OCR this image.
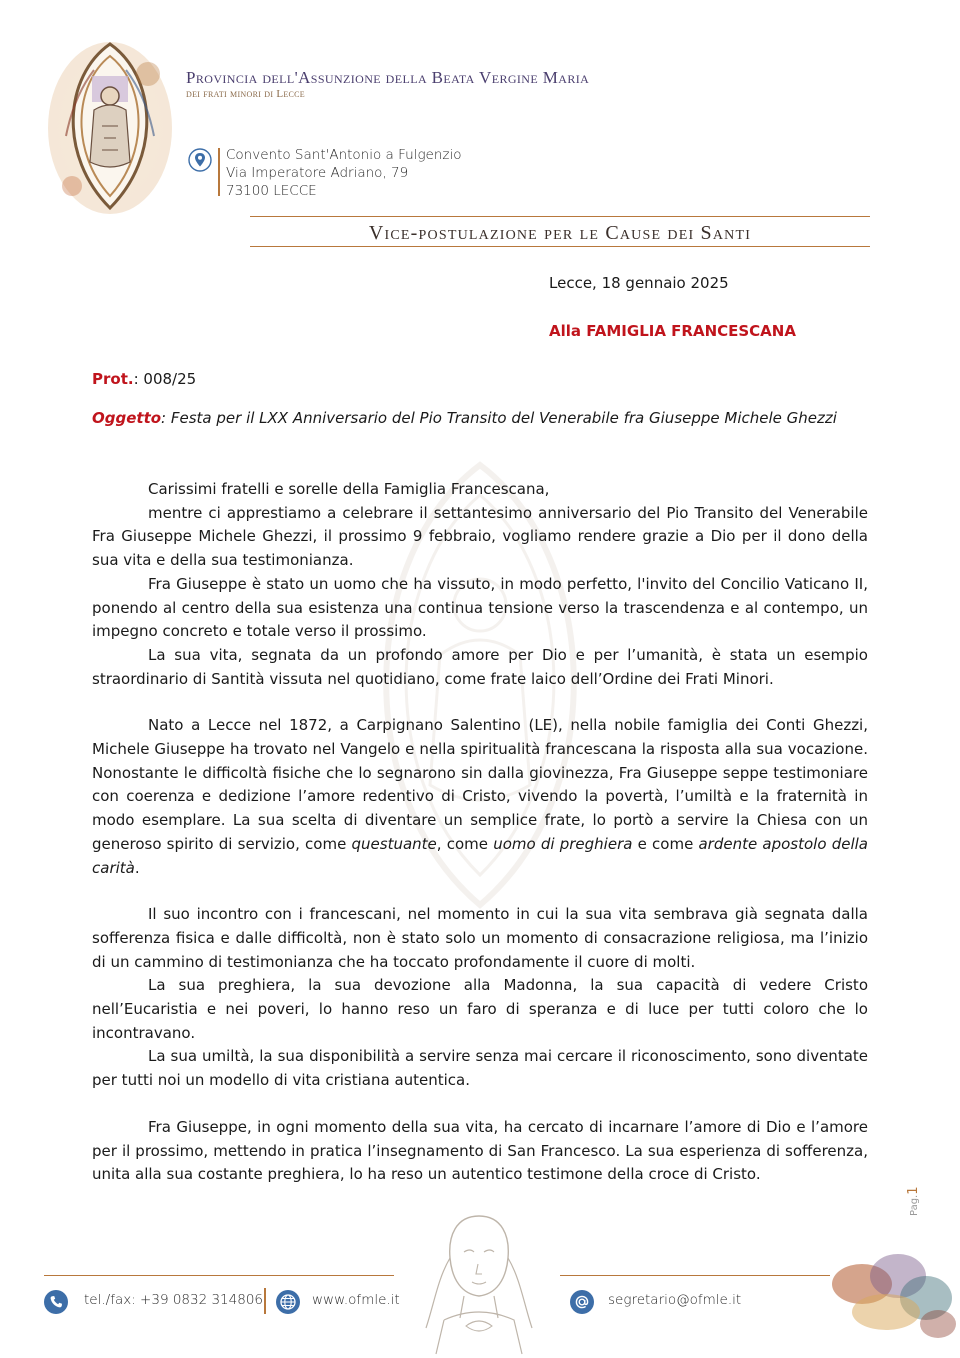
Provincia dell'Assunzione della Beata Vergine Maria
dei frati minori di Lecce
Convento Sant'Antonio a Fulgenzio
Via Imperatore Adriano, 79
73100 LECCE
Vice-postulazione per le Cause dei Santi
Lecce, 18 gennaio 2025
Alla FAMIGLIA FRANCESCANA
Prot.: 008/25
Oggetto: Festa per il LXX Anniversario del Pio Transito del Venerabile fra Giuseppe Michele Ghezzi

Carissimi fratelli e sorelle della Famiglia Francescana,

mentre ci apprestiamo a celebrare il settantesimo anniversario del Pio Transito del Venerabile Fra Giuseppe Michele Ghezzi, il prossimo 9 febbraio, vogliamo rendere grazie a Dio per il dono della sua vita e della sua testimonianza.

Fra Giuseppe è stato un uomo che ha vissuto, in modo perfetto, l'invito del Concilio Vaticano II, ponendo al centro della sua esistenza una continua tensione verso la trascendenza e al contempo, un impegno concreto e totale verso il prossimo.

La sua vita, segnata da un profondo amore per Dio e per l’umanità, è stata un esempio straordinario di Santità vissuta nel quotidiano, come frate laico dell’Ordine dei Frati Minori.

Nato a Lecce nel 1872, a Carpignano Salentino (LE), nella nobile famiglia dei Conti Ghezzi, Michele Giuseppe ha trovato nel Vangelo e nella spiritualità francescana la risposta alla sua vocazione. Nonostante le difficoltà fisiche che lo segnarono sin dalla giovinezza, Fra Giuseppe seppe testimoniare con coerenza e dedizione l’amore redentivo di Cristo, vivendo la povertà, l’umiltà e la fraternità in modo esemplare. La sua scelta di diventare un semplice frate, lo portò a servire la Chiesa con un generoso spirito di servizio, come questuante, come uomo di preghiera e come ardente apostolo della carità.

Il suo incontro con i francescani, nel momento in cui la sua vita sembrava già segnata dalla sofferenza fisica e dalle difficoltà, non è stato solo un momento di consacrazione religiosa, ma l’inizio di un cammino di testimonianza che ha toccato profondamente il cuore di molti.

La sua preghiera, la sua devozione alla Madonna, la sua capacità di vedere Cristo nell’Eucaristia e nei poveri, lo hanno reso un faro di speranza e di luce per tutti coloro che lo incontravano.

La sua umiltà, la sua disponibilità a servire senza mai cercare il riconoscimento, sono diventate per tutti noi un modello di vita cristiana autentica.

Fra Giuseppe, in ogni momento della sua vita, ha cercato di incarnare l’amore di Dio e l’amore per il prossimo, mettendo in pratica l’insegnamento di San Francesco. La sua esperienza di sofferenza, unita alla sua costante preghiera, lo ha reso un autentico testimone della croce di Cristo.

Pag.1
tel./fax: +39 0832 314806	www.ofmle.it	segretario@ofmle.it
